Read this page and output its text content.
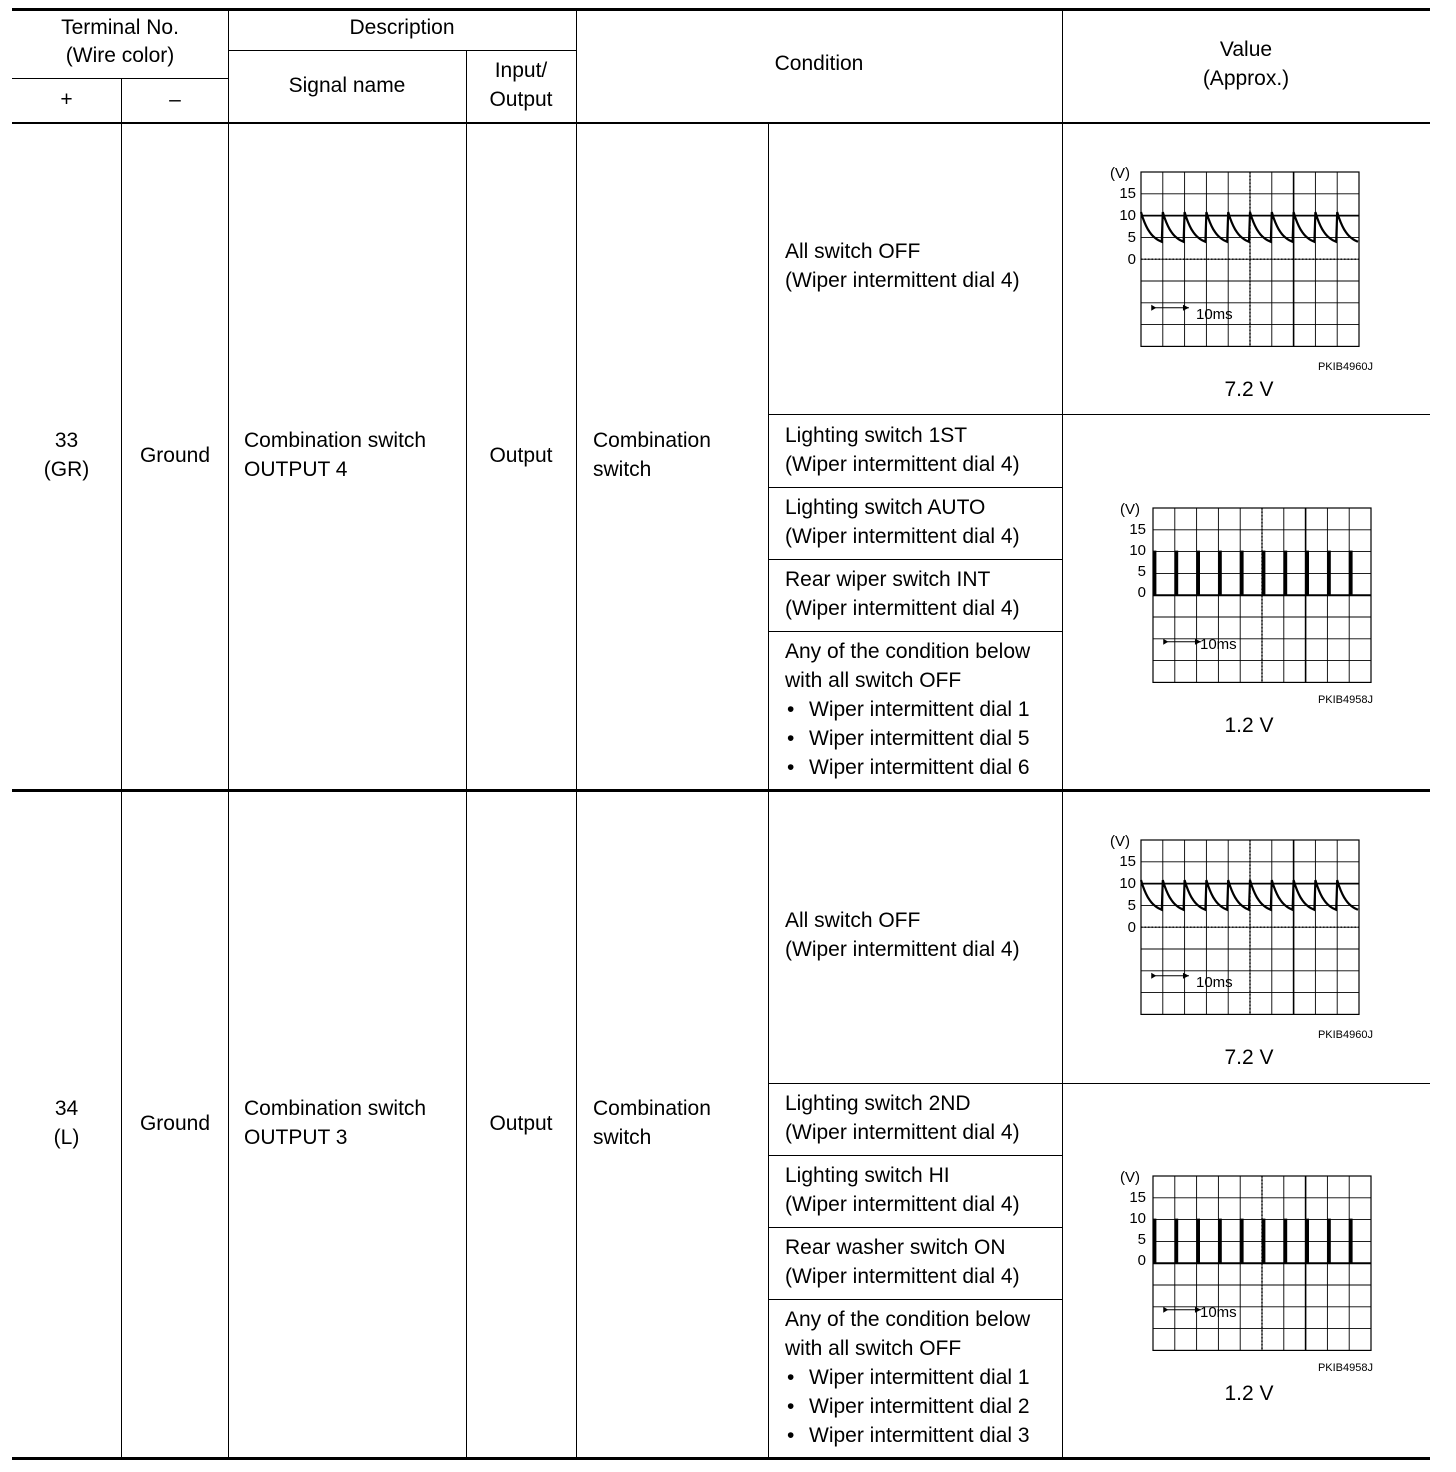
Terminal No.
(Wire color)
+	–
Description
Signal name
Input/
Output
Condition
Value
(Approx.)
33
(GR)
Ground
Combination switch
OUTPUT 4
Output
Combination
switch
All switch OFF
(Wiper intermittent dial 4)
Lighting switch 1ST
(Wiper intermittent dial 4)
Lighting switch AUTO
(Wiper intermittent dial 4)
Rear wiper switch INT
(Wiper intermittent dial 4)
Any of the condition below
with all switch OFF
• Wiper intermittent dial 1
• Wiper intermittent dial 5
• Wiper intermittent dial 6
(V)
15
10
5
0
10ms
PKIB4960J
7.2 V
(V)
15
10
5
0
10ms
PKIB4958J
1.2 V
34
(L)
Ground
Combination switch
OUTPUT 3
Output
Combination
switch
All switch OFF
(Wiper intermittent dial 4)
Lighting switch 2ND
(Wiper intermittent dial 4)
Lighting switch HI
(Wiper intermittent dial 4)
Rear washer switch ON
(Wiper intermittent dial 4)
Any of the condition below
with all switch OFF
• Wiper intermittent dial 1
• Wiper intermittent dial 2
• Wiper intermittent dial 3
(V)
15
10
5
0
10ms
PKIB4960J
7.2 V
(V)
15
10
5
0
10ms
PKIB4958J
1.2 V
